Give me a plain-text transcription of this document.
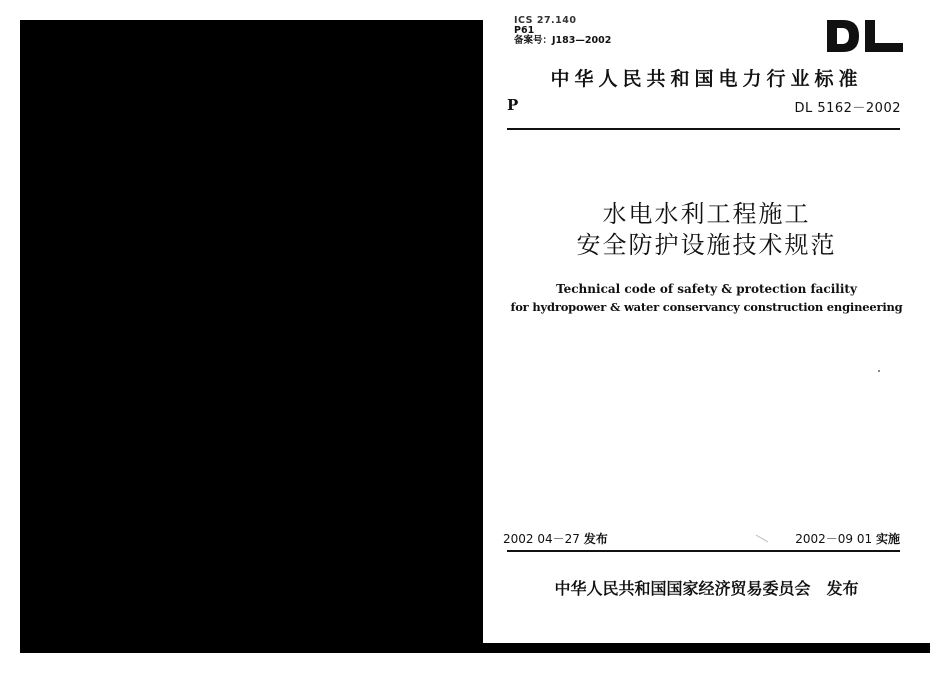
ICS 27.140
P61
备案号：J183—2002
中华人民共和国电力行业标准
P	DL 5162－2002
水电水利工程施工
安全防护设施技术规范
Technical code of safety & protection facility
for hydropower & water conservancy construction engineering
2002 04－27 发布	2002－09 01 实施
中华人民共和国国家经济贸易委员会　发布
